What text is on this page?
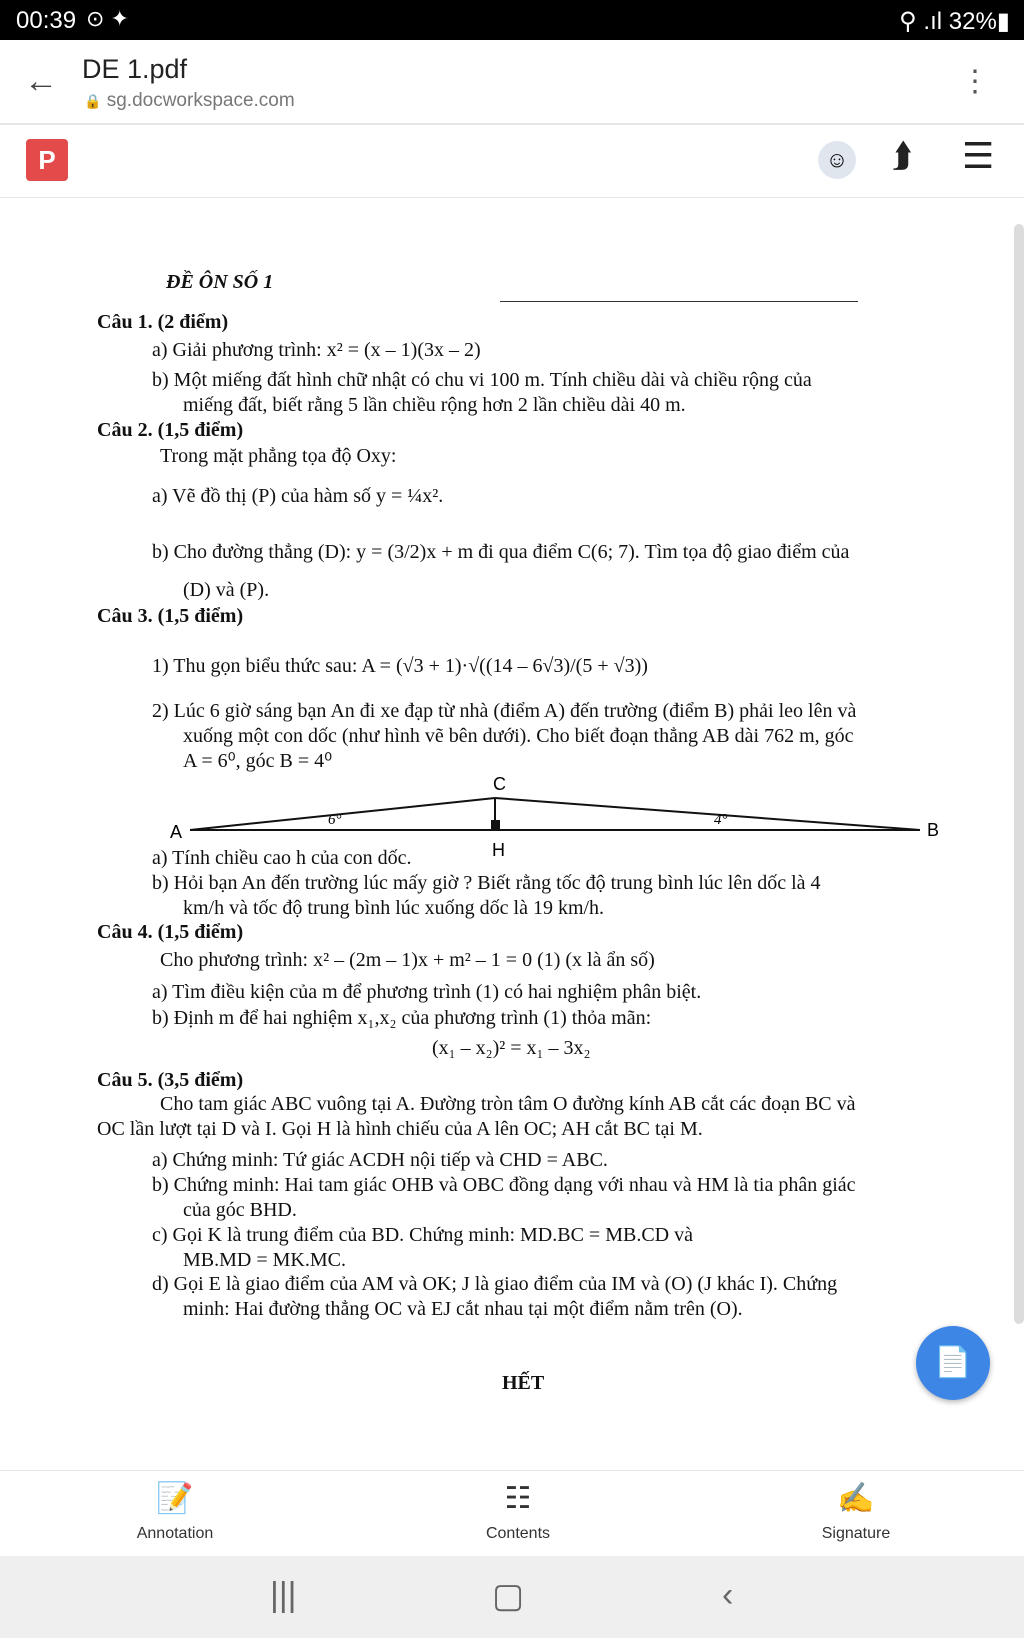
00:39 ⊙ ✦	⚲ .ıl 32%▮
← DE 1.pdf
🔒 sg.docworkspace.com
⋮
P	☺ ⮭ ☰
ĐỀ ÔN SỐ 1
Câu 1. (2 điểm)
a) Giải phương trình: x² = (x – 1)(3x – 2)
b) Một miếng đất hình chữ nhật có chu vi 100 m. Tính chiều dài và chiều rộng của
miếng đất, biết rằng 5 lần chiều rộng hơn 2 lần chiều dài 40 m.
Câu 2. (1,5 điểm)
Trong mặt phẳng tọa độ Oxy:
a) Vẽ đồ thị (P) của hàm số y = ¼x².
b) Cho đường thẳng (D): y = (3/2)x + m đi qua điểm C(6; 7). Tìm tọa độ giao điểm của
(D) và (P).
Câu 3. (1,5 điểm)
1) Thu gọn biểu thức sau: A = (√3 + 1)·√((14 – 6√3)/(5 + √3))
2) Lúc 6 giờ sáng bạn An đi xe đạp từ nhà (điểm A) đến trường (điểm B) phải leo lên và
xuống một con dốc (như hình vẽ bên dưới). Cho biết đoạn thẳng AB dài 762 m, góc
A = 6⁰, góc B = 4⁰
A	B
C
H
6°	4°
a) Tính chiều cao h của con dốc.
b) Hỏi bạn An đến trường lúc mấy giờ ? Biết rằng tốc độ trung bình lúc lên dốc là 4
km/h và tốc độ trung bình lúc xuống dốc là 19 km/h.
Câu 4. (1,5 điểm)
Cho phương trình: x² – (2m – 1)x + m² – 1 = 0 (1) (x là ẩn số)
a) Tìm điều kiện của m để phương trình (1) có hai nghiệm phân biệt.
b) Định m để hai nghiệm x₁,x₂ của phương trình (1) thỏa mãn:
(x₁ – x₂)² = x₁ – 3x₂
Câu 5. (3,5 điểm)
Cho tam giác ABC vuông tại A. Đường tròn tâm O đường kính AB cắt các đoạn BC và
OC lần lượt tại D và I. Gọi H là hình chiếu của A lên OC; AH cắt BC tại M.
a) Chứng minh: Tứ giác ACDH nội tiếp và CHD = ABC.
b) Chứng minh: Hai tam giác OHB và OBC đồng dạng với nhau và HM là tia phân giác
của góc BHD.
c) Gọi K là trung điểm của BD. Chứng minh: MD.BC = MB.CD và
MB.MD = MK.MC.
d) Gọi E là giao điểm của AM và OK; J là giao điểm của IM và (O) (J khác I). Chứng
minh: Hai đường thẳng OC và EJ cắt nhau tại một điểm nằm trên (O).
HẾT
📄
📝
Annotation
☷
Contents
✍
Signature
|||	▢	‹
